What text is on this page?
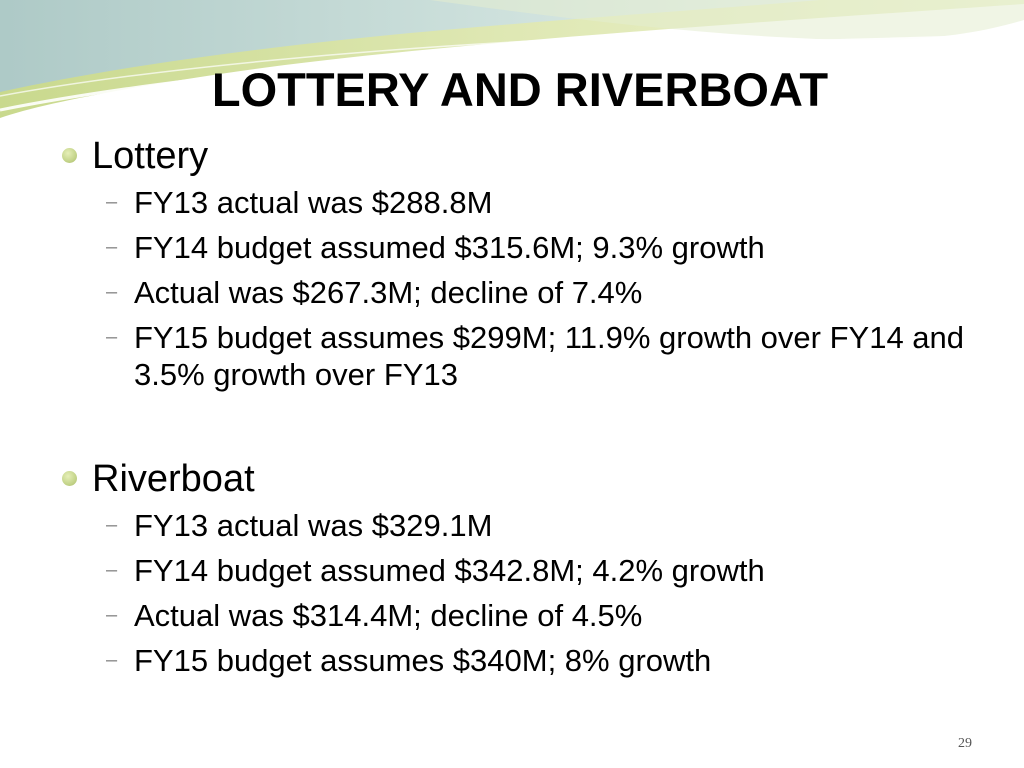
LOTTERY AND RIVERBOAT
Lottery
– FY13 actual was $288.8M
– FY14 budget assumed $315.6M; 9.3% growth
– Actual was $267.3M; decline of 7.4%
– FY15 budget assumes $299M; 11.9% growth over FY14 and 3.5% growth over FY13
Riverboat
– FY13 actual was $329.1M
– FY14 budget assumed $342.8M; 4.2% growth
– Actual was $314.4M; decline of 4.5%
– FY15 budget assumes $340M; 8% growth
29
